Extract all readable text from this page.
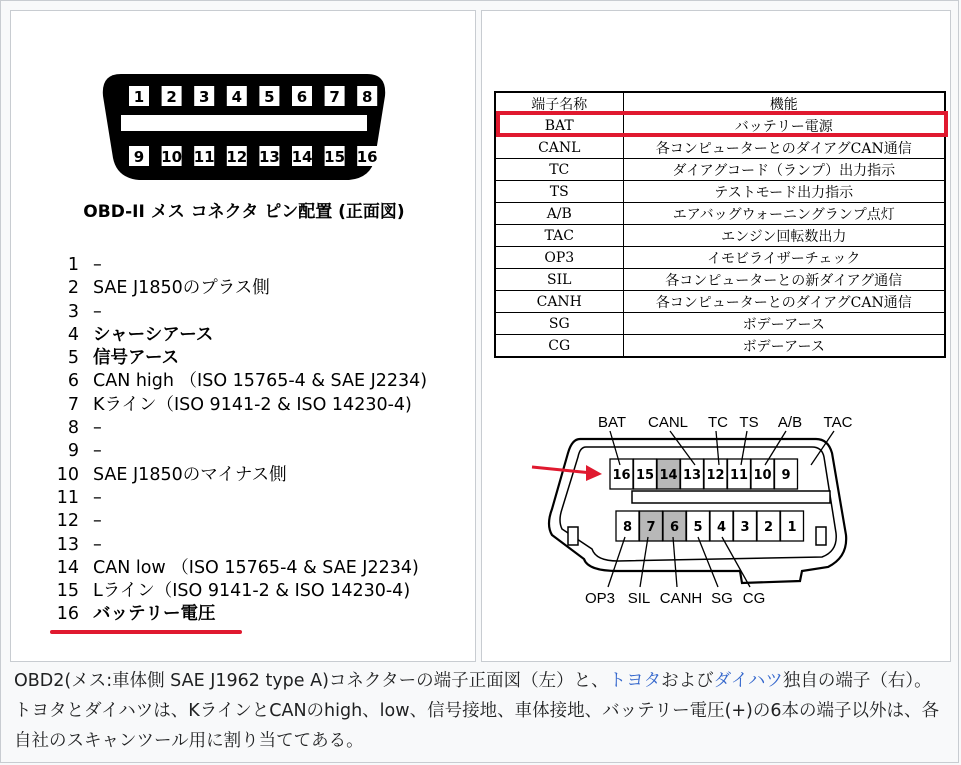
1 2 3 4 5 6 7 8
9 10 11 12 13 14 15 16
OBD-II メス コネクタ ピン配置 (正面図)
1 –
2 SAE J1850のプラス側
3 –
4 シャーシアース
5 信号アース
6 CAN high （ISO 15765-4 & SAE J2234)
7 Kライン（ISO 9141-2 & ISO 14230-4)
8 –
9 –
10 SAE J1850のマイナス側
11 –
12 –
13 –
14 CAN low （ISO 15765-4 & SAE J2234)
15 Lライン（ISO 9141-2 & ISO 14230-4)
16 バッテリー電圧
端子名称	機能
BAT	バッテリー電源
CANL	各コンピューターとのダイアグCAN通信
TC	ダイアグコード（ランプ）出力指示
TS	テストモード出力指示
A/B	エアバッグウォーニングランプ点灯
TAC	エンジン回転数出力
OP3	イモビライザーチェック
SIL	各コンピューターとの新ダイアグ通信
CANH	各コンピューターとのダイアグCAN通信
SG	ボデーアース
CG	ボデーアース
16 15 14 13 12 11 10 9
8 7 6 5 4 3 2 1
BAT CANL TC TS A/B TAC
OP3 SIL CANH SG CG
OBD2(メス:車体側 SAE J1962 type A)コネクターの端子正面図（左）と、トヨタおよびダイハツ独自の端子（右）。トヨタとダイハツは、KラインとCANのhigh、low、信号接地、車体接地、バッテリー電圧(+)の6本の端子以外は、各自社のスキャンツール用に割り当ててある。
